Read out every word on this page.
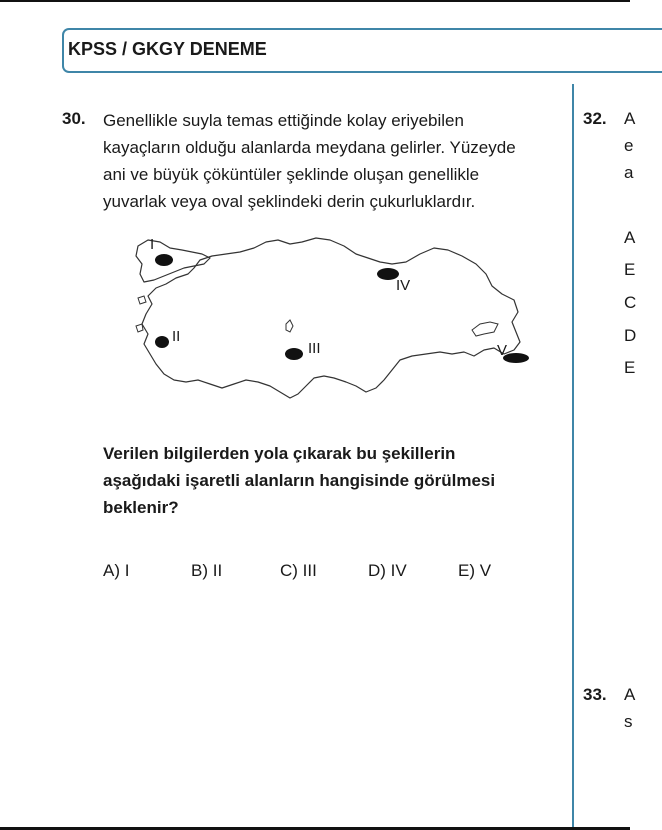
KPSS / GKGY DENEME
30. Genellikle suyla temas ettiğinde kolay eriyebilen
kayaçların olduğu alanlarda meydana gelirler. Yüzeyde
ani ve büyük çöküntüler şeklinde oluşan genellikle
yuvarlak veya oval şeklindeki derin çukurluklardır.
I
II
III
IV
V
Verilen bilgilerden yola çıkarak bu şekillerin
aşağıdaki işaretli alanların hangisinde görülmesi
beklenir?
A) I	B) II	C) III	D) IV	E) V
32. A
e
a
A
E
C
D
E
33. A
s
